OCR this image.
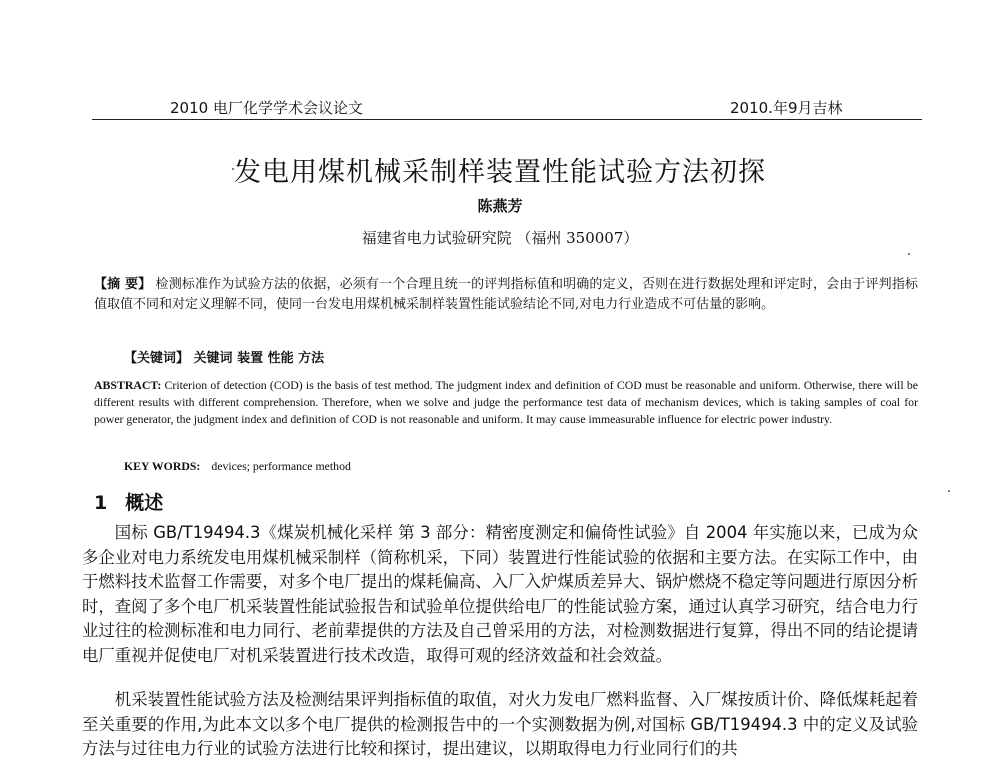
2010 电厂化学学术会议论文	2010.年9月吉林

发电用煤机械采制样装置性能试验方法初探

陈燕芳

福建省电力试验研究院 （福州 350007）

【摘 要】 检测标准作为试验方法的依据，必须有一个合理且统一的评判指标值和明确的定义，否则在进行数据处理和评定时，会由于评判指标值取值不同和对定义理解不同，使同一台发电用煤机械采制样装置性能试验结论不同,对电力行业造成不可估量的影响。

【关键词】 关键词 装置 性能 方法

ABSTRACT: Criterion of detection (COD) is the basis of test method. The judgment index and definition of COD must be reasonable and uniform. Otherwise, there will be different results with different comprehension. Therefore, when we solve and judge the performance test data of mechanism devices, which is taking samples of coal for power generator, the judgment index and definition of COD is not reasonable and uniform. It may cause immeasurable influence for electric power industry.

KEY WORDS: devices; performance method

1 概述

国标 GB/T19494.3《煤炭机械化采样 第 3 部分：精密度测定和偏倚性试验》自 2004 年实施以来，已成为众多企业对电力系统发电用煤机械采制样（简称机采，下同）装置进行性能试验的依据和主要方法。在实际工作中，由于燃料技术监督工作需要，对多个电厂提出的煤耗偏高、入厂入炉煤质差异大、锅炉燃烧不稳定等问题进行原因分析时，查阅了多个电厂机采装置性能试验报告和试验单位提供给电厂的性能试验方案，通过认真学习研究，结合电力行业过往的检测标准和电力同行、老前辈提供的方法及自己曾采用的方法，对检测数据进行复算，得出不同的结论提请电厂重视并促使电厂对机采装置进行技术改造，取得可观的经济效益和社会效益。

机采装置性能试验方法及检测结果评判指标值的取值，对火力发电厂燃料监督、入厂煤按质计价、降低煤耗起着至关重要的作用,为此本文以多个电厂提供的检测报告中的一个实测数据为例,对国标 GB/T19494.3 中的定义及试验方法与过往电力行业的试验方法进行比较和探讨，提出建议，以期取得电力行业同行们的共
